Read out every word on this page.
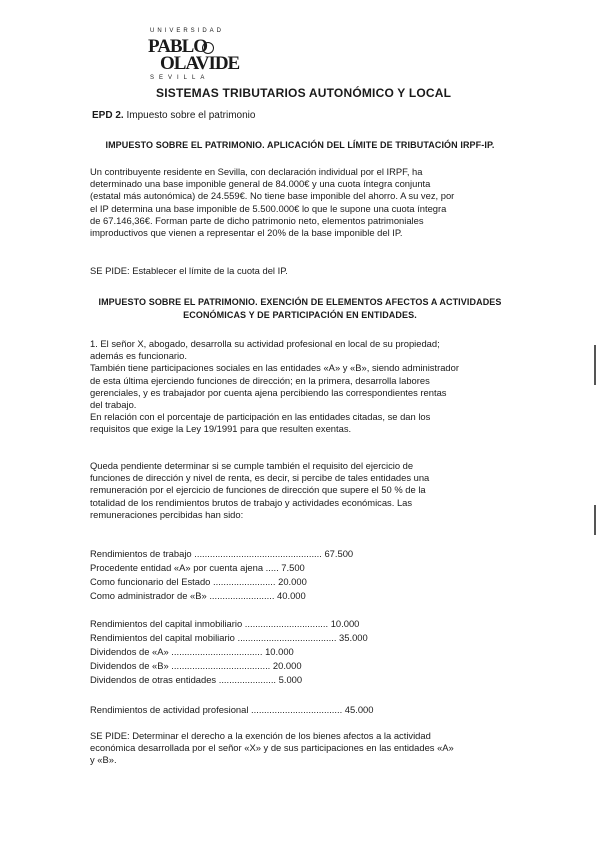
UNIVERSIDAD
PABLO
OLAVIDE
SEVILLA
SISTEMAS TRIBUTARIOS AUTONÓMICO Y LOCAL
EPD 2. Impuesto sobre el patrimonio
IMPUESTO SOBRE EL PATRIMONIO. APLICACIÓN DEL LÍMITE DE TRIBUTACIÓN IRPF-IP.
Un contribuyente residente en Sevilla, con declaración individual por el IRPF, ha
determinado una base imponible general de 84.000€ y una cuota íntegra conjunta
(estatal más autonómica) de 24.559€. No tiene base imponible del ahorro. A su vez, por
el IP determina una base imponible de 5.500.000€ lo que le supone una cuota íntegra
de 67.146,36€. Forman parte de dicho patrimonio neto, elementos patrimoniales
improductivos que vienen a representar el 20% de la base imponible del IP.
SE PIDE: Establecer el límite de la cuota del IP.
IMPUESTO SOBRE EL PATRIMONIO. EXENCIÓN DE ELEMENTOS AFECTOS A ACTIVIDADES
ECONÓMICAS Y DE PARTICIPACIÓN EN ENTIDADES.
1. El señor X, abogado, desarrolla su actividad profesional en local de su propiedad;
además es funcionario.
También tiene participaciones sociales en las entidades «A» y «B», siendo administrador
de esta última ejerciendo funciones de dirección; en la primera, desarrolla labores
gerenciales, y es trabajador por cuenta ajena percibiendo las correspondientes rentas
del trabajo.
En relación con el porcentaje de participación en las entidades citadas, se dan los
requisitos que exige la Ley 19/1991 para que resulten exentas.
Queda pendiente determinar si se cumple también el requisito del ejercicio de
funciones de dirección y nivel de renta, es decir, si percibe de tales entidades una
remuneración por el ejercicio de funciones de dirección que supere el 50 % de la
totalidad de los rendimientos brutos de trabajo y actividades económicas. Las
remuneraciones percibidas han sido:
Rendimientos de trabajo ................................................. 67.500
Procedente entidad «A» por cuenta ajena ..... 7.500
Como funcionario del Estado ........................ 20.000
Como administrador de «B» ......................... 40.000
Rendimientos del capital inmobiliario ................................ 10.000
Rendimientos del capital mobiliario ...................................... 35.000
Dividendos de «A» ................................... 10.000
Dividendos de «B» ...................................... 20.000
Dividendos de otras entidades ...................... 5.000
Rendimientos de actividad profesional ................................... 45.000
SE PIDE: Determinar el derecho a la exención de los bienes afectos a la actividad
económica desarrollada por el señor «X» y de sus participaciones en las entidades «A»
y «B».
